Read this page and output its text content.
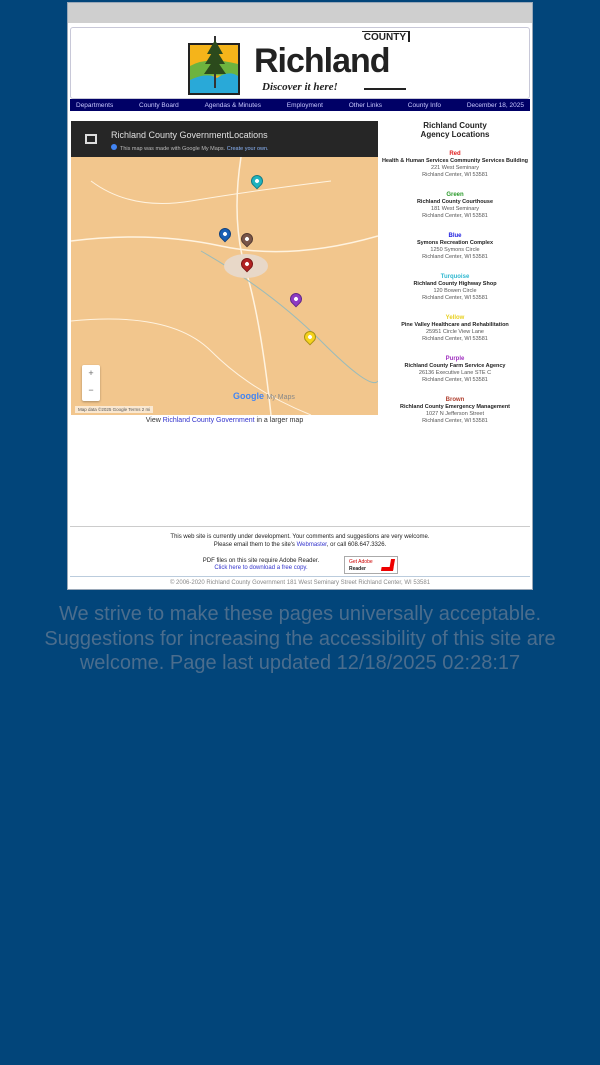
COUNTY
Richland
Discover it here!
Departments	County Board	Agendas & Minutes	Employment	Other Links	County Info	December 18, 2025
Richland County GovernmentLocations
This map was made with Google My Maps. Create your own.
+
−
Google My Maps
Map data ©2025 Google Terms 2 mi
View Richland County Government in a larger map
Richland County
Agency Locations
Red
Health & Human Services Community Services Building
221 West Seminary
Richland Center, WI 53581
Green
Richland County Courthouse
181 West Seminary
Richland Center, WI 53581
Blue
Symons Recreation Complex
1250 Symons Circle
Richland Center, WI 53581
Turquoise
Richland County Highway Shop
120 Bowen Circle
Richland Center, WI 53581
Yellow
Pine Valley Healthcare and Rehabilitation
25951 Circle View Lane
Richland Center, WI 53581
Purple
Richland County Farm Service Agency
26136 Executive Lane STE C
Richland Center, WI 53581
Brown
Richland County Emergency Management
1027 N Jefferson Street
Richland Center, WI 53581
This web site is currently under development. Your comments and suggestions are very welcome.
Please email them to the site's Webmaster, or call 608.647.3326.
PDF files on this site require Adobe Reader.
Click here to download a free copy.
Get Adobe
Reader
© 2006-2020 Richland County Government 181 West Seminary Street Richland Center, WI 53581
We strive to make these pages universally acceptable. Suggestions for increasing the accessibility of this site are welcome. Page last updated 12/18/2025 02:28:17
